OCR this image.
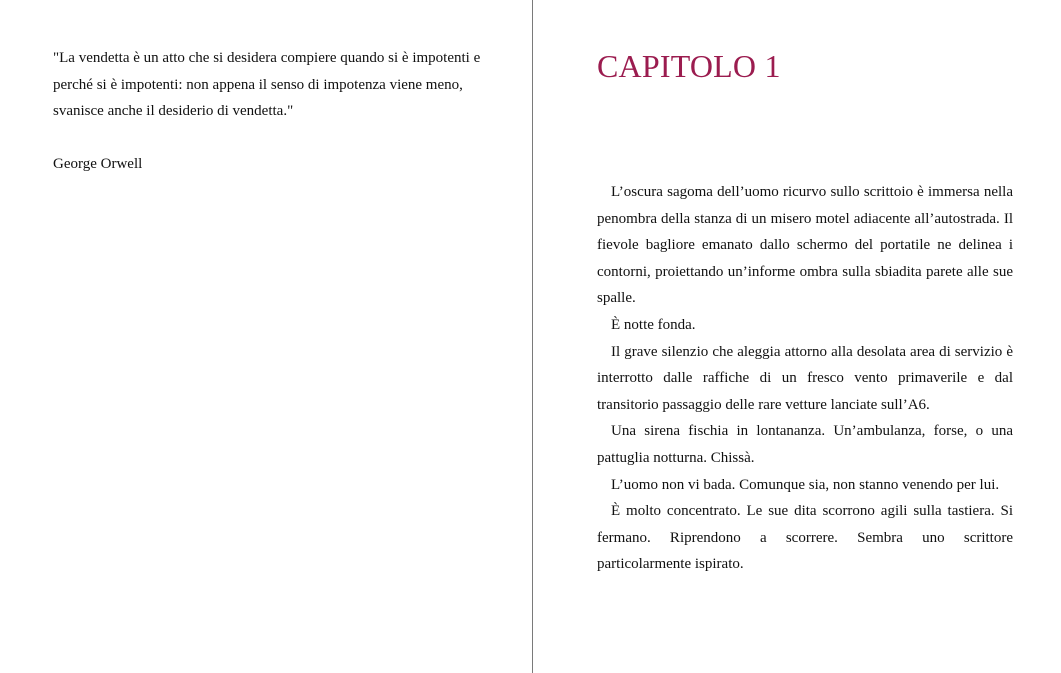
"La vendetta è un atto che si desidera compiere quando si è impotenti e perché si è impotenti: non appena il senso di impotenza viene meno, svanisce anche il desiderio di vendetta."

George Orwell

CAPITOLO 1

L’oscura sagoma dell’uomo ricurvo sullo scrittoio è immersa nella penombra della stanza di un misero motel adiacente all’autostrada. Il fievole bagliore emanato dallo schermo del portatile ne delinea i contorni, proiettando un’informe ombra sulla sbiadita parete alle sue spalle.

È notte fonda.

Il grave silenzio che aleggia attorno alla desolata area di servizio è interrotto dalle raffiche di un fresco vento primaverile e dal transitorio passaggio delle rare vetture lanciate sull’A6.

Una sirena fischia in lontananza. Un’ambulanza, forse, o una pattuglia notturna. Chissà.

L’uomo non vi bada. Comunque sia, non stanno venendo per lui.

È molto concentrato. Le sue dita scorrono agili sulla tastiera. Si fermano. Riprendono a scorrere. Sembra uno scrittore particolarmente ispirato.
